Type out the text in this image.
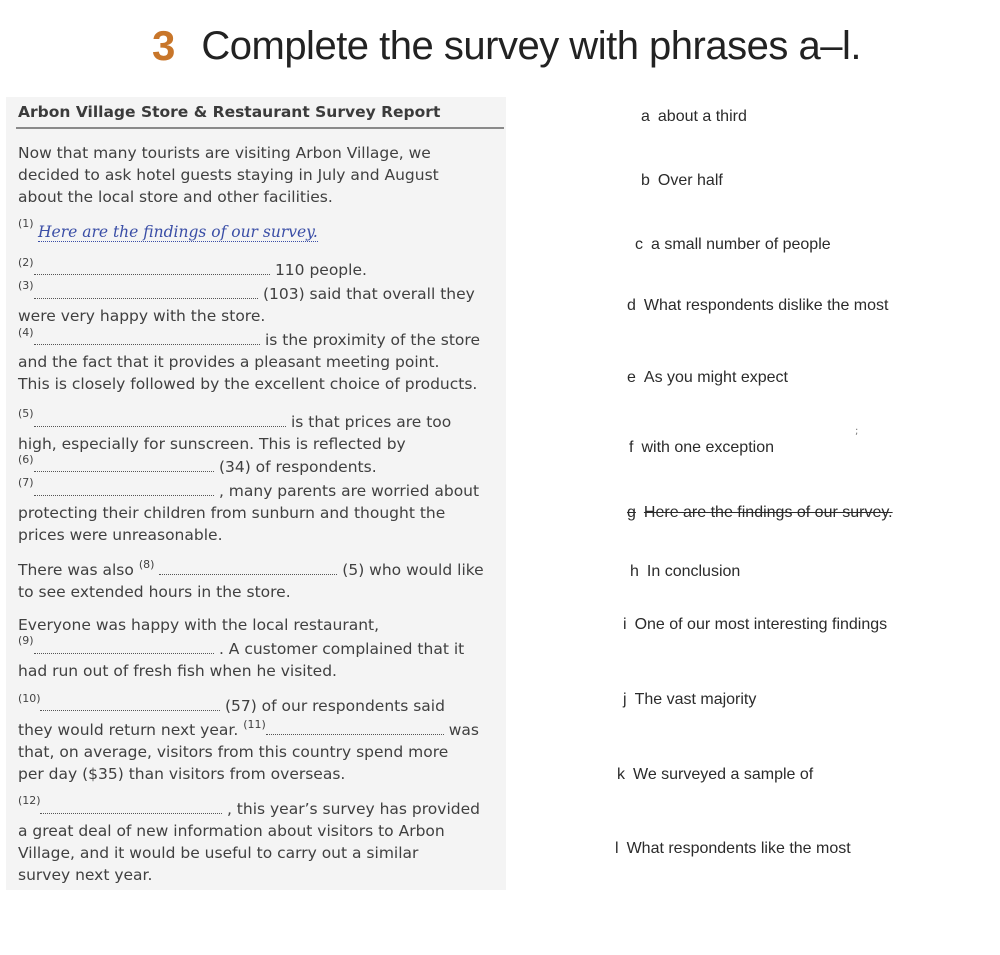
3 Complete the survey with phrases a–l.
Arbon Village Store & Restaurant Survey Report
Now that many tourists are visiting Arbon Village, we
decided to ask hotel guests staying in July and August
about the local store and other facilities.
(1) Here are the findings of our survey.
(2)	110 people.
(3)	(103) said that overall they
were very happy with the store.
(4)	is the proximity of the store
and the fact that it provides a pleasant meeting point.
This is closely followed by the excellent choice of products.
(5)	is that prices are too
high, especially for sunscreen. This is reflected by
(6)	(34) of respondents.
(7)	, many parents are worried about
protecting their children from sunburn and thought the
prices were unreasonable.
There was also $^{(8)}$	(5) who would like
to see extended hours in the store.
Everyone was happy with the local restaurant,
(9)	. A customer complained that it
had run out of fresh fish when he visited.
(10)	(57) of our respondents said
they would return next year. $^{(11)}$	was
that, on average, visitors from this country spend more
per day ($35) than visitors from overseas.
(12)	, this year’s survey has provided
a great deal of new information about visitors to Arbon
Village, and it would be useful to carry out a similar
survey next year.
a about a third
b Over half
c a small number of people
d What respondents dislike the most
e As you might expect
f with one exception
g Here are the findings of our survey.
h In conclusion
i One of our most interesting findings
j The vast majority
k We surveyed a sample of
l What respondents like the most
;
